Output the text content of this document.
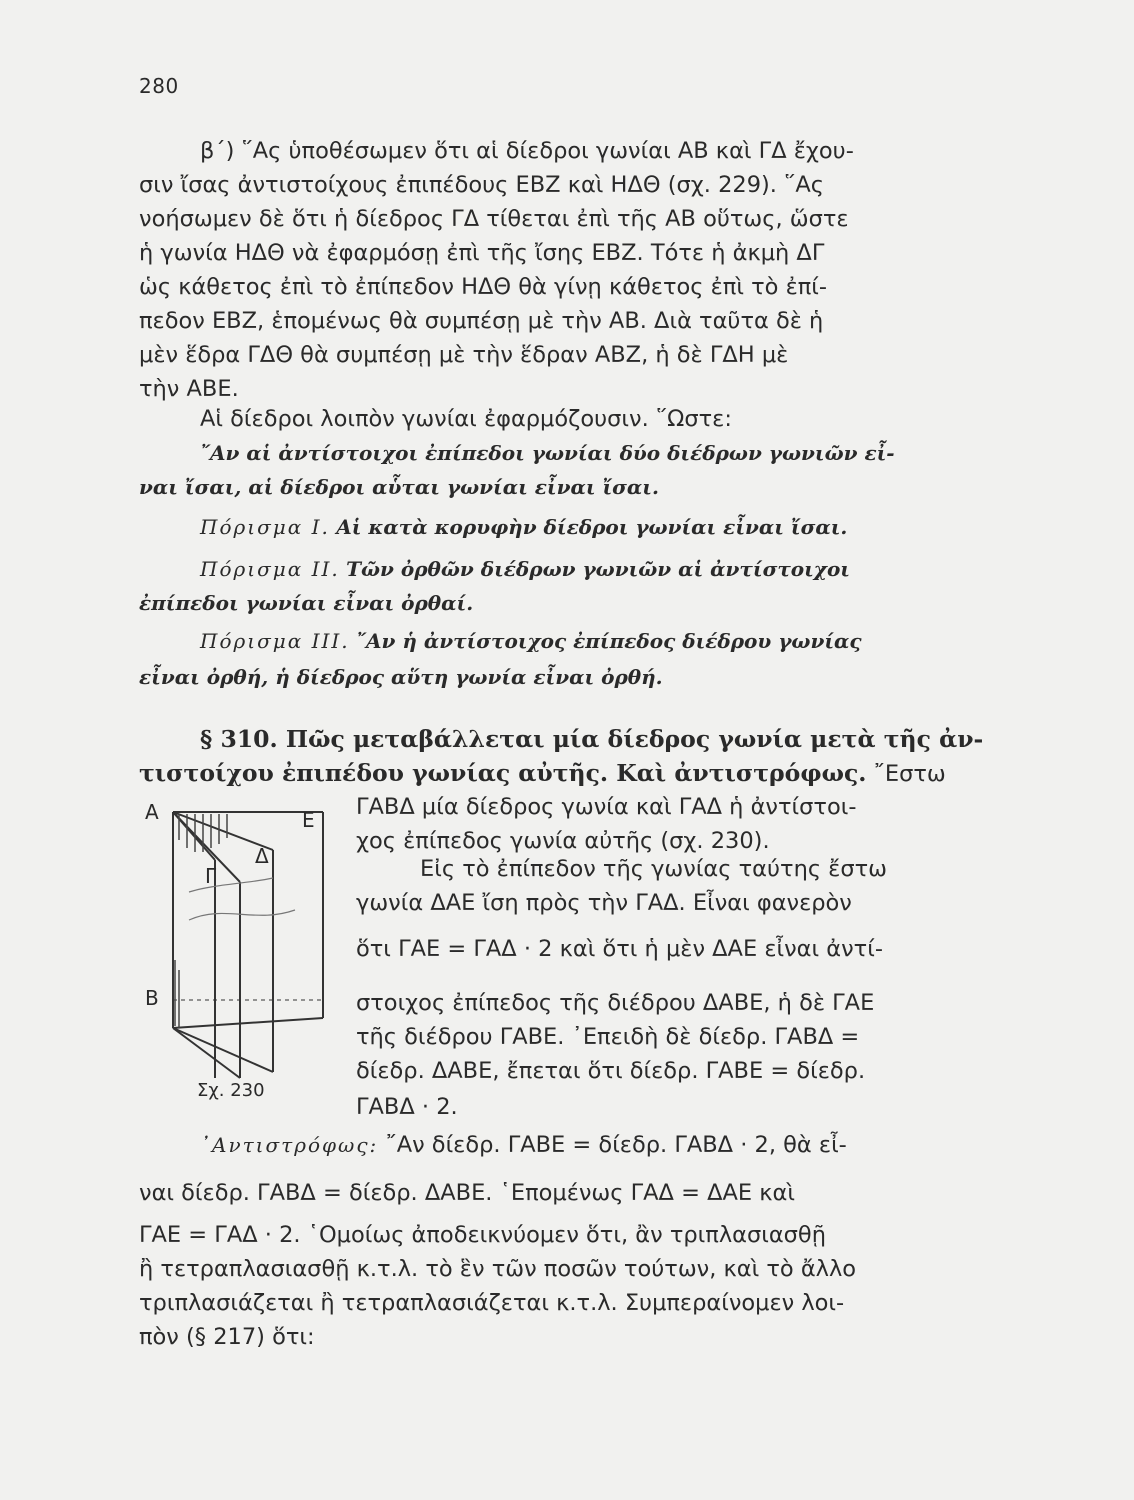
280
β΄) ῞Ας ὑποθέσωμεν ὅτι αἱ δίεδροι γωνίαι ΑΒ καὶ ΓΔ ἔχου-
σιν ἴσας ἀντιστοίχους ἐπιπέδους ΕΒΖ καὶ ΗΔΘ (σχ. 229). ῞Ας
νοήσωμεν δὲ ὅτι ἡ δίεδρος ΓΔ τίθεται ἐπὶ τῆς ΑΒ οὕτως, ὥστε
ἡ γωνία ΗΔΘ νὰ ἐφαρμόσῃ ἐπὶ τῆς ἴσης ΕΒΖ. Τότε ἡ ἀκμὴ ΔΓ
ὡς κάθετος ἐπὶ τὸ ἐπίπεδον ΗΔΘ θὰ γίνῃ κάθετος ἐπὶ τὸ ἐπί-
πεδον ΕΒΖ, ἑπομένως θὰ συμπέσῃ μὲ τὴν ΑΒ. Διὰ ταῦτα δὲ ἡ
μὲν ἕδρα ΓΔΘ θὰ συμπέσῃ μὲ τὴν ἕδραν ΑΒΖ, ἡ δὲ ΓΔΗ μὲ
τὴν ΑΒΕ.
Αἱ δίεδροι λοιπὸν γωνίαι ἐφαρμόζουσιν. ῞Ωστε:
῎Αν αἱ ἀντίστοιχοι ἐπίπεδοι γωνίαι δύο διέδρων γωνιῶν εἶ-
ναι ἴσαι, αἱ δίεδροι αὗται γωνίαι εἶναι ἴσαι.
Πόρισμα Ι. Αἱ κατὰ κορυφὴν δίεδροι γωνίαι εἶναι ἴσαι.
Πόρισμα ΙΙ. Τῶν ὀρθῶν διέδρων γωνιῶν αἱ ἀντίστοιχοι
ἐπίπεδοι γωνίαι εἶναι ὀρθαί.
Πόρισμα ΙΙΙ. ῎Αν ἡ ἀντίστοιχος ἐπίπεδος διέδρου γωνίας
εἶναι ὀρθή, ἡ δίεδρος αὕτη γωνία εἶναι ὀρθή.
§ 310. Πῶς μεταβάλλεται μία δίεδρος γωνία μετὰ τῆς ἀν-
τιστοίχου ἐπιπέδου γωνίας αὐτῆς. Καὶ ἀντιστρόφως. ῎Εστω
ΓΑΒΔ μία δίεδρος γωνία καὶ ΓΑΔ ἡ ἀντίστοι-
χος ἐπίπεδος γωνία αὐτῆς (σχ. 230).
Εἰς τὸ ἐπίπεδον τῆς γωνίας ταύτης ἔστω
γωνία ΔΑΕ ἴση πρὸς τὴν ΓΑΔ. Εἶναι φανερὸν
ὅτι ΓΑΕ = ΓΑΔ · 2 καὶ ὅτι ἡ μὲν ΔΑΕ εἶναι ἀντί-
στοιχος ἐπίπεδος τῆς διέδρου ΔΑΒΕ, ἡ δὲ ΓΑΕ
τῆς διέδρου ΓΑΒΕ. ᾿Επειδὴ δὲ δίεδρ. ΓΑΒΔ =
δίεδρ. ΔΑΒΕ, ἔπεται ὅτι δίεδρ. ΓΑΒΕ = δίεδρ.
ΓΑΒΔ · 2.
᾿Αντιστρόφως: ῎Αν δίεδρ. ΓΑΒΕ = δίεδρ. ΓΑΒΔ · 2, θὰ εἶ-
ναι δίεδρ. ΓΑΒΔ = δίεδρ. ΔΑΒΕ. ῾Επομένως ΓΑΔ = ΔΑΕ καὶ
ΓΑΕ = ΓΑΔ · 2. ῾Ομοίως ἀποδεικνύομεν ὅτι, ἂν τριπλασιασθῇ
ἢ τετραπλασιασθῇ κ.τ.λ. τὸ ἓν τῶν ποσῶν τούτων, καὶ τὸ ἄλλο
τριπλασιάζεται ἢ τετραπλασιάζεται κ.τ.λ. Συμπεραίνομεν λοι-
πὸν (§ 217) ὅτι:
Α	Ε
Δ
Γ
Β
Σχ. 230
